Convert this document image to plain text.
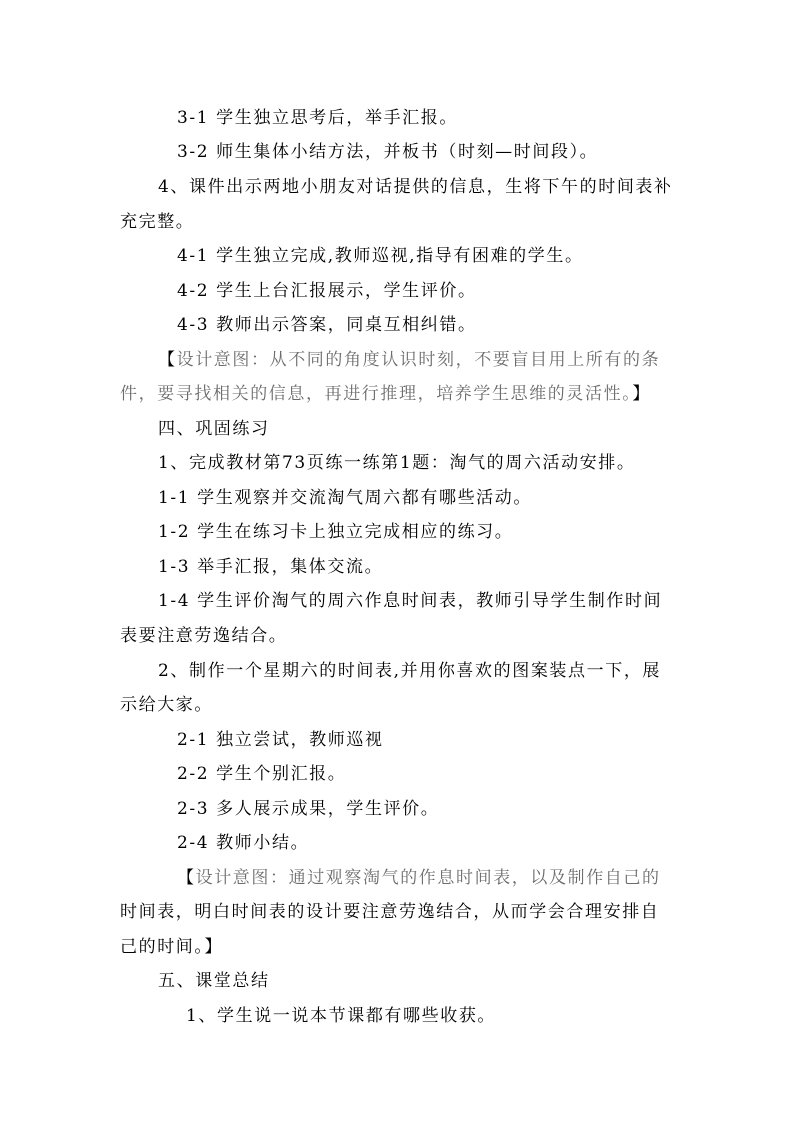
3-1 学生独立思考后，举手汇报。
3-2 师生集体小结方法，并板书（时刻—时间段）。
4、课件出示两地小朋友对话提供的信息，生将下午的时间表补
充完整。
4-1 学生独立完成,教师巡视,指导有困难的学生。
4-2 学生上台汇报展示，学生评价。
4-3 教师出示答案，同桌互相纠错。
【设计意图：从不同的角度认识时刻，不要盲目用上所有的条
件，要寻找相关的信息，再进行推理，培养学生思维的灵活性。】
四、巩固练习
1、完成教材第73页练一练第1题：淘气的周六活动安排。
1-1 学生观察并交流淘气周六都有哪些活动。
1-2 学生在练习卡上独立完成相应的练习。
1-3 举手汇报，集体交流。
1-4 学生评价淘气的周六作息时间表，教师引导学生制作时间
表要注意劳逸结合。
2、制作一个星期六的时间表,并用你喜欢的图案装点一下，展
示给大家。
2-1 独立尝试，教师巡视
2-2 学生个别汇报。
2-3 多人展示成果，学生评价。
2-4 教师小结。
【设计意图：通过观察淘气的作息时间表，以及制作自己的
时间表，明白时间表的设计要注意劳逸结合，从而学会合理安排自
己的时间。】
五、课堂总结
1、学生说一说本节课都有哪些收获。
